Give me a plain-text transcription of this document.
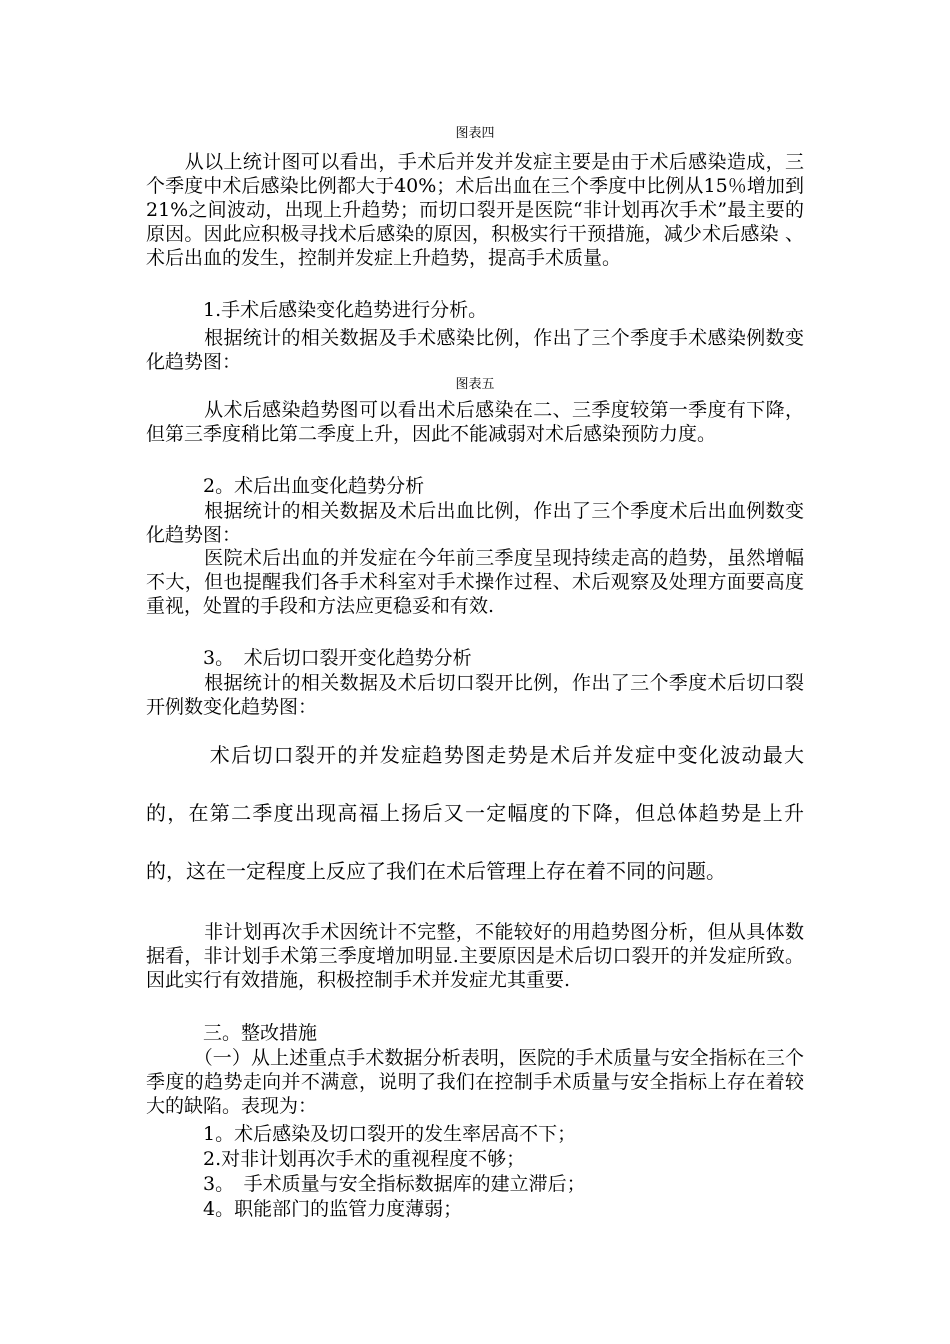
图表四

　　从以上统计图可以看出，手术后并发并发症主要是由于术后感染造成，三个季度中术后感染比例都大于40%；术后出血在三个季度中比例从15％增加到21%之间波动，出现上升趋势；而切口裂开是医院“非计划再次手术”最主要的原因。因此应积极寻找术后感染的原因，积极实行干预措施，减少术后感染 、术后出血的发生，控制并发症上升趋势，提高手术质量。

　　　1.手术后感染变化趋势进行分析。

　　　根据统计的相关数据及手术感染比例，作出了三个季度手术感染例数变化趋势图：

图表五

　　　从术后感染趋势图可以看出术后感染在二、三季度较第一季度有下降，但第三季度稍比第二季度上升，因此不能减弱对术后感染预防力度。

　　　2。术后出血变化趋势分析

　　　根据统计的相关数据及术后出血比例，作出了三个季度术后出血例数变化趋势图：

　　　医院术后出血的并发症在今年前三季度呈现持续走高的趋势，虽然增幅不大，但也提醒我们各手术科室对手术操作过程、术后观察及处理方面要高度重视，处置的手段和方法应更稳妥和有效.

　　　3。　术后切口裂开变化趋势分析

　　　根据统计的相关数据及术后切口裂开比例，作出了三个季度术后切口裂开例数变化趋势图：

　　　术后切口裂开的并发症趋势图走势是术后并发症中变化波动最大的，在第二季度出现高福上扬后又一定幅度的下降，但总体趋势是上升的，这在一定程度上反应了我们在术后管理上存在着不同的问题。

　　　非计划再次手术因统计不完整，不能较好的用趋势图分析，但从具体数据看，非计划手术第三季度增加明显.主要原因是术后切口裂开的并发症所致。因此实行有效措施，积极控制手术并发症尤其重要.

　　　三。整改措施

　　　（一）从上述重点手术数据分析表明，医院的手术质量与安全指标在三个季度的趋势走向并不满意，说明了我们在控制手术质量与安全指标上存在着较大的缺陷。表现为：

　　　1。术后感染及切口裂开的发生率居高不下；

　　　2.对非计划再次手术的重视程度不够；

　　　3。　手术质量与安全指标数据库的建立滞后；

　　　4。职能部门的监管力度薄弱；
